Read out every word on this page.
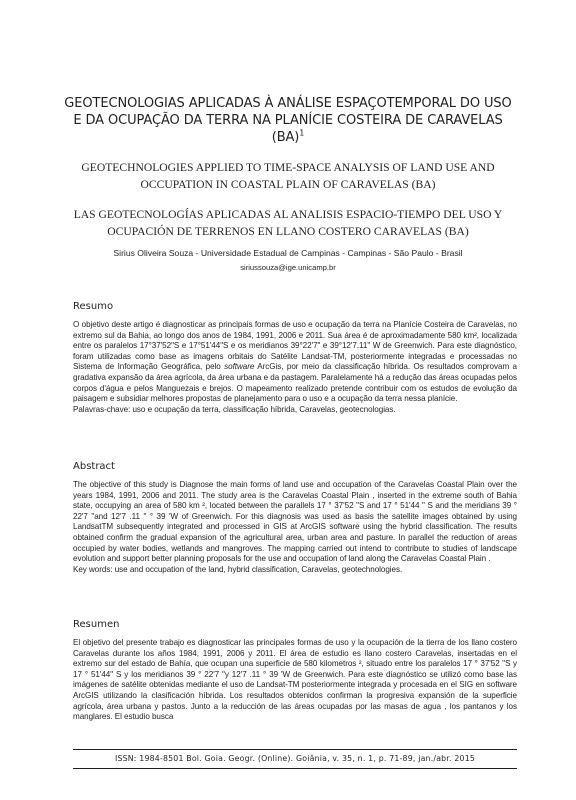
GEOTECNOLOGIAS APLICADAS À ANÁLISE ESPAÇOTEMPORAL DO USO E DA OCUPAÇÃO DA TERRA NA PLANÍCIE COSTEIRA DE CARAVELAS (BA)$^1$
GEOTECHNOLOGIES APPLIED TO TIME-SPACE ANALYSIS OF LAND USE AND OCCUPATION IN COASTAL PLAIN OF CARAVELAS (BA)
LAS GEOTECNOLOGÍAS APLICADAS AL ANALISIS ESPACIO-TIEMPO DEL USO Y OCUPACIÓN DE TERRENOS EN LLANO COSTERO CARAVELAS (BA)
Sirius Oliveira Souza - Universidade Estadual de Campinas - Campinas - São Paulo - Brasil
siriussouza@ige.unicamp.br
Resumo

O objetivo deste artigo é diagnosticar as principais formas de uso e ocupação da terra na Planície Costeira de Caravelas, no extremo sul da Bahia, ao longo dos anos de 1984, 1991, 2006 e 2011. Sua área é de aproximadamente 580 km², localizada entre os paralelos 17°37'52"S e 17°51'44"S e os meridianos 39°22'7" e 39°12'7.11" W de Greenwich. Para este diagnóstico, foram utilizadas como base as imagens orbitais do Satélite Landsat-TM, posteriormente integradas e processadas no Sistema de Informação Geográfica, pelo software ArcGis, por meio da classificação híbrida. Os resultados comprovam a gradativa expansão da área agrícola, da área urbana e da pastagem. Paralelamente há a redução das áreas ocupadas pelos corpos d'água e pelos Manguezais e brejos. O mapeamento realizado pretende contribuir com os estudos de evolução da paisagem e subsidiar melhores propostas de planejamento para o uso e a ocupação da terra nessa planície.

Palavras-chave: uso e ocupação da terra, classificação híbrida, Caravelas, geotecnologias.

Abstract

The objective of this study is Diagnose the main forms of land use and occupation of the Caravelas Coastal Plain over the years 1984, 1991, 2006 and 2011. The study area is the Caravelas Coastal Plain , inserted in the extreme south of Bahia state, occupying an area of 580 km ², located between the parallels 17 ° 37'52 "S and 17 ° 51'44 " S and the meridians 39 ° 22'7 "and 12'7 .11 " ° 39 'W of Greenwich. For this diagnosis was used as basis the satellite images obtained by using LandsatTM subsequently integrated and processed in GIS at ArcGIS software using the hybrid classification. The results obtained confirm the gradual expansion of the agricultural area, urban area and pasture. In parallel the reduction of areas occupied by water bodies, wetlands and mangroves. The mapping carried out intend to contribute to studies of landscape evolution and support better planning proposals for the use and occupation of land along the Caravelas Coastal Plain .

Key words: use and occupation of the land, hybrid classification, Caravelas, geotechnologies.

Resumen

El objetivo del presente trabajo es diagnosticar las principales formas de uso y la ocupación de la tierra de los llano costero Caravelas durante los años 1984, 1991, 2006 y 2011. El área de estudio es llano costero Caravelas, insertadas en el extremo sur del estado de Bahía, que ocupan una superficie de 580 kilometros ², situado entre los paralelos 17 ° 37'52 "S y 17 ° 51'44" S y los meridianos 39 ° 22'7 "y 12'7 .11 ° 39 'W de Greenwich. Para este diagnóstico se utilizó como base las imágenes de satélite obtenidas mediante el uso de Landsat-TM posteriormente integrada y procesada en el SIG en software ArcGIS utilizando la clasificación híbrida. Los resultados obtenidos confirman la progresiva expansión de la superficie agrícola, área urbana y pastos. Junto a la reducción de las áreas ocupadas por las masas de agua , los pantanos y los manglares. El estudio busca

ISSN: 1984-8501 Bol. Goia. Geogr. (Online). Goiânia, v. 35, n. 1, p. 71-89, jan./abr. 2015
